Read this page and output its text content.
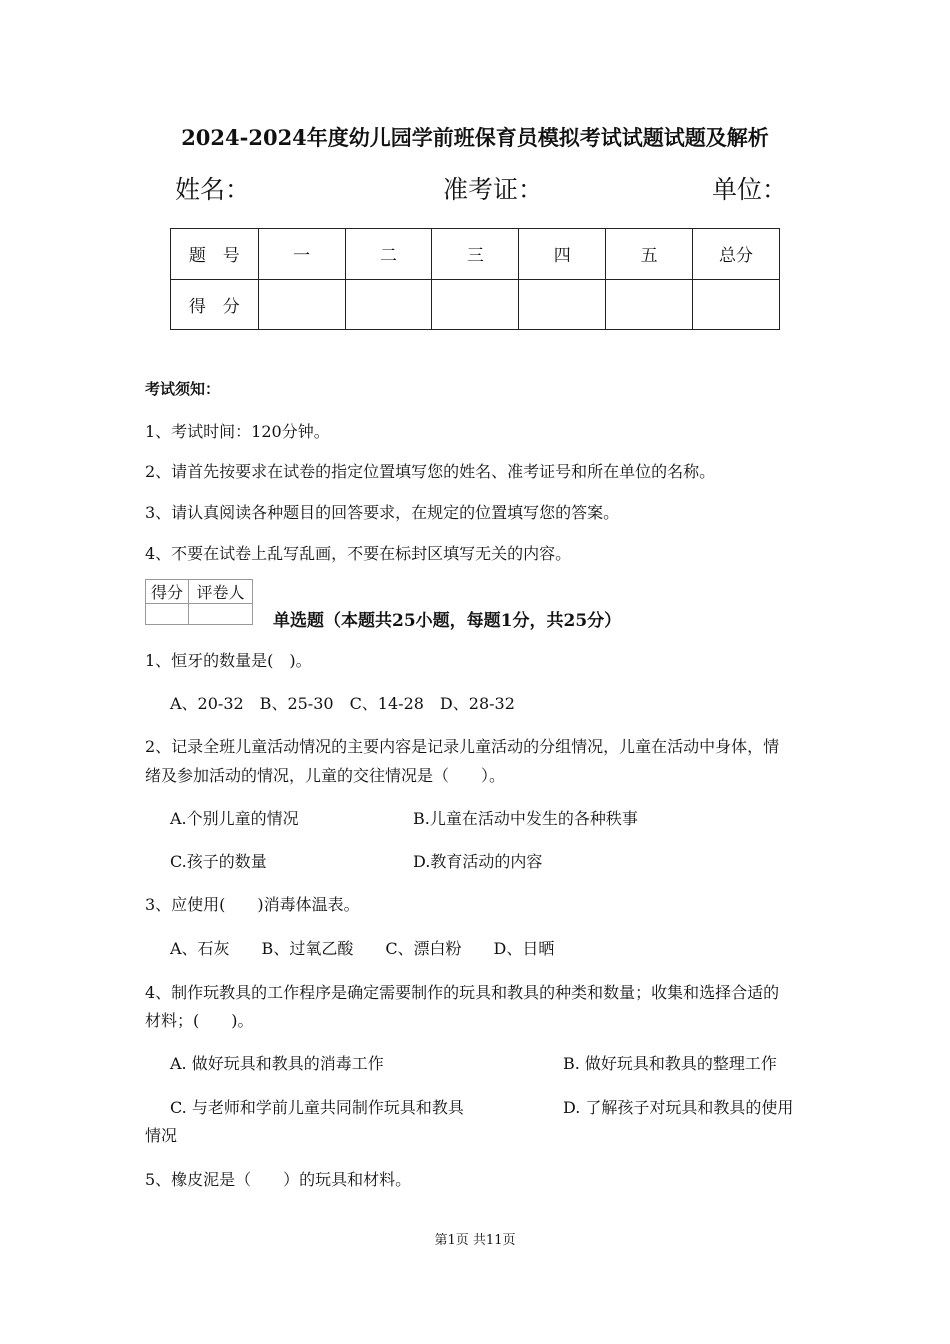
2024-2024年度幼儿园学前班保育员模拟考试试题试题及解析
姓名：	准考证：	单位：
题　号	一	二	三	四	五	总分
得　分						
考试须知：
1、考试时间：120分钟。
2、请首先按要求在试卷的指定位置填写您的姓名、准考证号和所在单位的名称。
3、请认真阅读各种题目的回答要求，在规定的位置填写您的答案。
4、不要在试卷上乱写乱画，不要在标封区填写无关的内容。
得分	评卷人

单选题（本题共25小题，每题1分，共25分）
1、恒牙的数量是(　)。
A、20-32　B、25-30　C、14-28　D、28-32
2、记录全班儿童活动情况的主要内容是记录儿童活动的分组情况，儿童在活动中身体，情
绪及参加活动的情况，儿童的交往情况是（　　）。
A.个别儿童的情况	B.儿童在活动中发生的各种秩事
C.孩子的数量	D.教育活动的内容
3、应使用(　　)消毒体温表。
A、石灰　　B、过氧乙酸　　C、漂白粉　　D、日晒
4、制作玩教具的工作程序是确定需要制作的玩具和教具的种类和数量；收集和选择合适的
材料；(　　)。
A. 做好玩具和教具的消毒工作	B. 做好玩具和教具的整理工作
C. 与老师和学前儿童共同制作玩具和教具	D. 了解孩子对玩具和教具的使用
情况
5、橡皮泥是（　　）的玩具和材料。
第1页 共11页
